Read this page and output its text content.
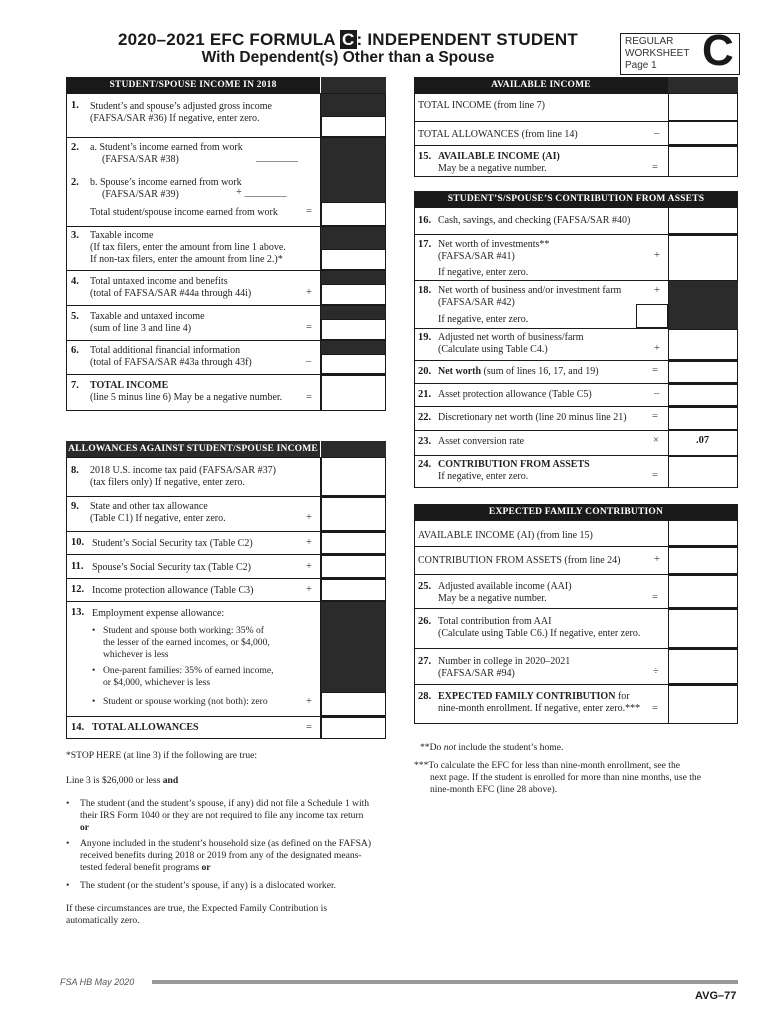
2020–2021 EFC FORMULA C : INDEPENDENT STUDENT
With Dependent(s) Other than a Spouse
REGULAR
WORKSHEET
Page 1	C
STUDENT/SPOUSE INCOME IN 2018
1. Student’s and spouse’s adjusted gross income
(FAFSA/SAR #36) If negative, enter zero.
2. a. Student’s income earned from work
(FAFSA/SAR #38)	________
2. b. Spouse’s income earned from work
(FAFSA/SAR #39)	+ ________
Total student/spouse income earned from work	=
3. Taxable income
(If tax filers, enter the amount from line 1 above.
If non-tax filers, enter the amount from line 2.)*
4. Total untaxed income and benefits
(total of FAFSA/SAR #44a through 44i)	+
5. Taxable and untaxed income
(sum of line 3 and line 4)	=
6. Total additional financial information
(total of FAFSA/SAR #43a through 43f)	–
7. TOTAL INCOME
(line 5 minus line 6) May be a negative number. =
ALLOWANCES AGAINST STUDENT/SPOUSE INCOME
8. 2018 U.S. income tax paid (FAFSA/SAR #37)
(tax filers only) If negative, enter zero.
9. State and other tax allowance
(Table C1) If negative, enter zero.	+
10. Student’s Social Security tax (Table C2)	+
11. Spouse’s Social Security tax (Table C2)	+
12. Income protection allowance (Table C3)	+
13. Employment expense allowance:
• Student and spouse both working: 35% of
the lesser of the earned incomes, or $4,000,
whichever is less
• One-parent families: 35% of earned income,
or $4,000, whichever is less
• Student or spouse working (not both): zero	+
14. TOTAL ALLOWANCES	=
*STOP HERE (at line 3) if the following are true:
Line 3 is $26,000 or less and
• The student (and the student’s spouse, if any) did not file a Schedule 1 with
their IRS Form 1040 or they are not required to file any income tax return
or
• Anyone included in the student’s household size (as defined on the FAFSA)
received benefits during 2018 or 2019 from any of the designated means-
tested federal benefit programs or
• The student (or the student’s spouse, if any) is a dislocated worker.
If these circumstances are true, the Expected Family Contribution is
automatically zero.
AVAILABLE INCOME
TOTAL INCOME (from line 7)
TOTAL ALLOWANCES (from line 14)	–
15. AVAILABLE INCOME (AI)
May be a negative number.	=
STUDENT’S/SPOUSE’S CONTRIBUTION FROM ASSETS
16. Cash, savings, and checking (FAFSA/SAR #40)
17. Net worth of investments**
(FAFSA/SAR #41)	+
If negative, enter zero.
18. Net worth of business and/or investment farm
(FAFSA/SAR #42)
+
If negative, enter zero.
19. Adjusted net worth of business/farm
(Calculate using Table C4.)	+
20. Net worth (sum of lines 16, 17, and 19)	=
21. Asset protection allowance (Table C5)	–
22. Discretionary net worth (line 20 minus line 21) =
23. Asset conversion rate	×	.07
24. CONTRIBUTION FROM ASSETS
If negative, enter zero.	=
EXPECTED FAMILY CONTRIBUTION
AVAILABLE INCOME (AI) (from line 15)
CONTRIBUTION FROM ASSETS (from line 24)	+
25. Adjusted available income (AAI)
May be a negative number.	=
26. Total contribution from AAI
(Calculate using Table C6.) If negative, enter zero.
27. Number in college in 2020–2021
(FAFSA/SAR #94)	÷
28. EXPECTED FAMILY CONTRIBUTION for
nine-month enrollment. If negative, enter zero.*** =
**Do not include the student’s home.
***To calculate the EFC for less than nine-month enrollment, see the
next page. If the student is enrolled for more than nine months, use the
nine-month EFC (line 28 above).
FSA HB May 2020
AVG–77
